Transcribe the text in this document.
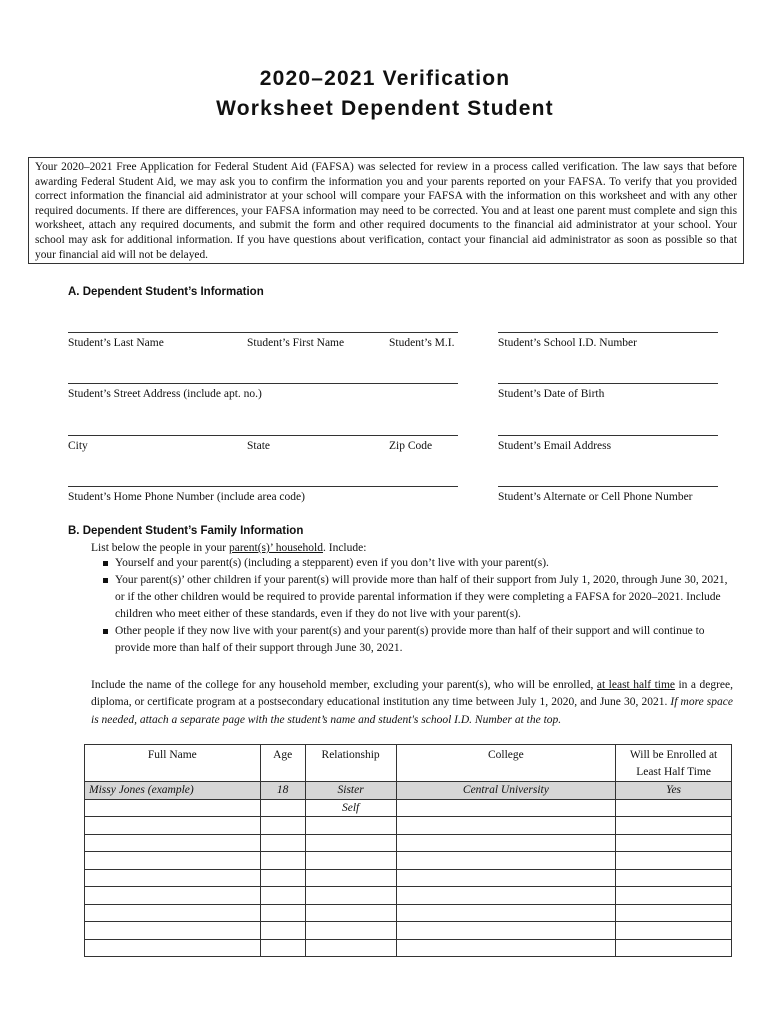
2020–2021 Verification
Worksheet Dependent Student
Your 2020–2021 Free Application for Federal Student Aid (FAFSA) was selected for review in a process called verification. The law says that before awarding Federal Student Aid, we may ask you to confirm the information you and your parents reported on your FAFSA. To verify that you provided correct information the financial aid administrator at your school will compare your FAFSA with the information on this worksheet and with any other required documents. If there are differences, your FAFSA information may need to be corrected. You and at least one parent must complete and sign this worksheet, attach any required documents, and submit the form and other required documents to the financial aid administrator at your school. Your school may ask for additional information. If you have questions about verification, contact your financial aid administrator as soon as possible so that your financial aid will not be delayed.
A. Dependent Student’s Information
Student’s Last Name	Student’s First Name	Student’s M.I.	Student’s School I.D. Number
Student’s Street Address (include apt. no.)	Student’s Date of Birth
City	State	Zip Code	Student’s Email Address
Student’s Home Phone Number (include area code)	Student’s Alternate or Cell Phone Number
B. Dependent Student’s Family Information
List below the people in your parent(s)’ household. Include:
Yourself and your parent(s) (including a stepparent) even if you don’t live with your parent(s).
Your parent(s)’ other children if your parent(s) will provide more than half of their support from July 1, 2020, through June 30, 2021, or if the other children would be required to provide parental information if they were completing a FAFSA for 2020–2021. Include children who meet either of these standards, even if they do not live with your parent(s).
Other people if they now live with your parent(s) and your parent(s) provide more than half of their support and will continue to provide more than half of their support through June 30, 2021.
Include the name of the college for any household member, excluding your parent(s), who will be enrolled, at least half time in a degree, diploma, or certificate program at a postsecondary educational institution any time between July 1, 2020, and June 30, 2021. If more space is needed, attach a separate page with the student’s name and student's school I.D. Number at the top.
Full Name	Age	Relationship	College	Will be Enrolled at Least Half Time
Missy Jones (example)	18	Sister	Central University	Yes
		Self		
